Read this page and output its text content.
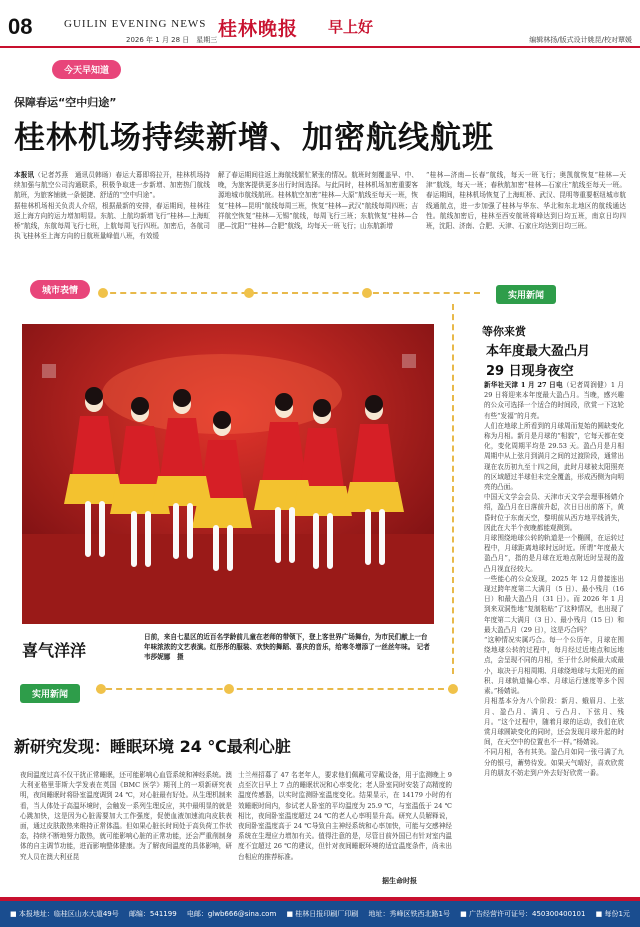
08	GUILIN EVENING NEWS 桂林晚报 早上好
2026 年 1 月 28 日　星期三	编辑林扬/版式设计姚昆/校对覃媛
今天早知道
保障春运“空中归途”
桂林机场持续新增、加密航线航班
本报讯（记者苏燕　通讯员韩旸）春运大幕即将拉开，桂林机场持续加强与航空公司沟通联系，积极争取进一步新增、加密热门航线航班，为旅客铺就一条便捷、舒适的“空中归途”。
据桂林机场相关负责人介绍，根据最新的安排，春运期间，桂林往返上海方向的运力增加明显。东航、上航均新增飞行“桂林—上海虹桥”航线，东航每周飞行七班，上航每周飞行四班。加密后，各航司执飞桂林至上海方向的日航班量峰值八班，有效缓
解了春运期间往返上海航线繁忙紧张的情况。航班时刻覆盖早、中、晚，为旅客提供更多出行时间选择。与此同时，桂林机场加密重要客源地城市航线航班。桂林航空加密“桂林—大原”航线至每天一班，恢复“桂林—昆明”航线每周三班，恢复“桂林—武汉”航线每周四班；吉祥航空恢复“桂林—无锡”航线，每周飞行三班；东航恢复“桂林—合肥—沈阳”“桂林—合肥”航线，均每天一班飞行；山东航新增
“桂林—济南—长春”航线，每天一班飞行；奥凯航恢复“桂林—天津”航线，每天一班；春秋航加密“桂林—石家庄”航线至每天一班。春运期间，桂林机场恢复了上海虹桥、武汉、昆明等重要枢纽城市航线通航点，进一步加强了桂林与华东、华北和东北地区的航线通达性。航线加密后，桂林至西安航班将峰达到日均五班，南京日均四班，沈阳、济南、合肥、天津、石家庄均达到日均三班。
城市表情
喜气洋洋
日前，来自七星区的近百名学龄前儿童在老师的带领下，登上客世界广场舞台，为市民们献上一台年味浓浓的文艺表演。红彤彤的服装、欢快的舞蹈、喜庆的音乐，给寒冬增添了一丝丝年味。 记者韦莎妮娜　摄
实用新闻
等你来赏
本年度最大盈凸月
29 日现身夜空
新华社天津 1 月 27 日电（记者周润健）1 月 29 日将迎来本年度最大盈凸月。当晚，感兴趣的公众可选择一个适合的时间段，欣赏一下这轮有些“发福”的月亮。
人们在地球上所看到的月球周而复始的圆缺变化称为月相。新月是月球的“相貌”，它每天都在变化，变化周期平均是 29.53 天。盈凸月是月相周期中从上弦月到满月之间的过渡阶段，通常出现在农历初九至十四之间，此时月球被太阳照亮的区域超过半球但未完全覆盖，形成西侧为向明亮的凸面。
中国天文学会会员、天津市天文学会理事杨婧介绍，盈凸月在日落前升起，次日日出前落下，黄昏时位于东南天空，黎明前从西方地平线消失，因此在大半个夜晚都能观测到。
月球围绕地球公转的轨道是一个椭圆，在运转过程中，月球距离地球时远时近。所谓“年度最大盈凸月”，指的是月球在近地点附近时呈现的盈凸月视直径较大。
一些能心的公众发现，2025 年 12 月曾接连出现过跨年度第二大满月（5 日）、最小残月（16 日）和最大盈凸月（31 日）。而 2026 年 1 月到来双洞性地“复制粘贴”了这种情况，也出现了年度第二大满月（3 日）、最小残月（15 日）和最大盈凸月（29 日），这是巧合吗？
“这种情况实属巧合。每一个公历年，月球在围绕地球公转的过程中，每月经过近地点和远地点，会呈现不同的月相，至于什么时候最大或最小，取决于月相周期、月球绕地球与太阳光的面积、月球轨道偏心率、月球运行速度等多个因素。”杨婧说。
月相基本分为八个阶段：新月、蛾眉月、上弦月、盈凸月、满月、亏凸月、下弦月、残月。“这个过程中，随着月球的运动，我们在欣赏月球圆缺变化的同时，还会发现月球升起的时间，在天空中的位置也不一样。”杨婧说。
不同月相，各有其美。盈凸月如同一张弓满了九分的银弓，蓄势待发。如果天气晴好，喜欢欣赏月的朋友不妨走到户外去好好欣赏一番。
实用新闻
新研究发现：睡眠环境 24 ℃最利心脏
夜间温度过高不仅干扰正常睡眠，还可能影响心血管系统和神经系统。澳大利亚格里菲斯大学发表在英国《BMC 医学》期刊上的一项新研究表明，夜间睡眠时将卧室温度调到 24 ℃，对心脏最有好处。从生理机制来看，当人体处于高温环境时，会触发一系列生理反应，其中最明显的就是心跳加快，这是因为心脏需要加大工作强度，促使血液加速流向皮肤表面，通过皮肤散热来维持正常体温。但如果心脏长时间处于高负荷工作状态，持续不断地努力散热，就可能影响心脏的正常功能，还会严重削制身体的自主调节功能，进而影响整体健康。为了解夜间温度的具体影响，研究人员在澳大利亚昆
士兰州招募了 47 名老年人，要求他们佩戴可穿戴设备，用于监测晚上 9 点至次日早上 7 点的睡眠状况和心率变化；老人卧室同时安装了高精度的温度传感器，以实时监测卧室温度变化。结果显示，在 14179 小时的有效睡眠时间内，参试老人卧室的平均温度为 25.9 ℃，与室温低于 24 ℃相比，夜间卧室温度超过 24 ℃的老人心率明显升高。研究人员解释说，夜间卧室温度高于 24 ℃导致自主神经系统和心率加快，可能与交感神经系统在生理应力增加有关。值得注意的是，尽管目前外国已有针对室内温度不宜超过 26 ℃的建议，但针对夜间睡眠环境的适宜温度条件，尚未出台相应的推荐标准。
据生命时报
■ 本报地址：临桂区山水大道49号 邮编：541199 电邮：glwb666@sina.com ■ 桂林日报印刷厂印刷 地址：秀峰区铁西北路1号 ■ 广告经营许可证号：450300400101 ■ 每份1元
